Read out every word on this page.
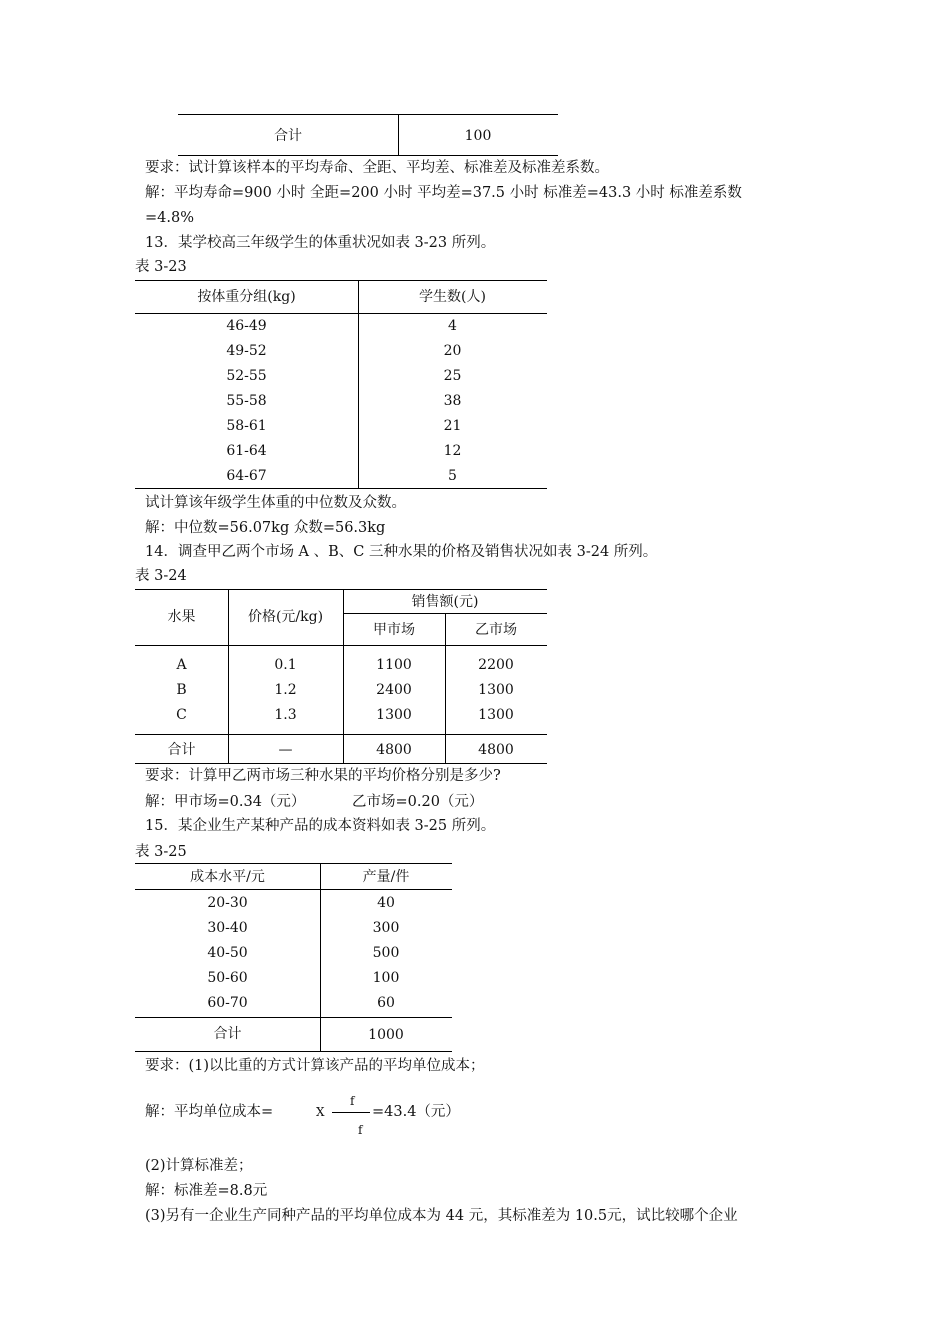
合计	100
要求：试计算该样本的平均寿命、全距、平均差、标准差及标准差系数。
解：平均寿命=900 小时 全距=200 小时 平均差=37.5 小时 标准差=43.3 小时 标准差系数
=4.8%
13．某学校高三年级学生的体重状况如表 3-23 所列。
表 3-23
按体重分组(kg)	学生数(人)
46-49	4
49-52	20
52-55	25
55-58	38
58-61	21
61-64	12
64-67	5
试计算该年级学生体重的中位数及众数。
解：中位数=56.07kg 众数=56.3kg
14．调查甲乙两个市场 A 、B、C 三种水果的价格及销售状况如表 3-24 所列。
表 3-24
水果	价格(元/kg)
销售额(元)
甲市场	乙市场
A	0.1	1100	2200
B	1.2	2400	1300
C	1.3	1300	1300
合计	—	4800	4800
要求：计算甲乙两市场三种水果的平均价格分别是多少?
解：甲市场=0.34（元）	乙市场=0.20（元）
15．某企业生产某种产品的成本资料如表 3-25 所列。
表 3-25
成本水平/元	产量/件
20-30	40
30-40	300
40-50	500
50-60	100
60-70	60
合计	1000
要求：(1)以比重的方式计算该产品的平均单位成本；
解：平均单位成本=	X
f
f
=43.4（元）
(2)计算标准差；
解：标准差=8.8元
(3)另有一企业生产同种产品的平均单位成本为 44 元，其标准差为 10.5元，试比较哪个企业
